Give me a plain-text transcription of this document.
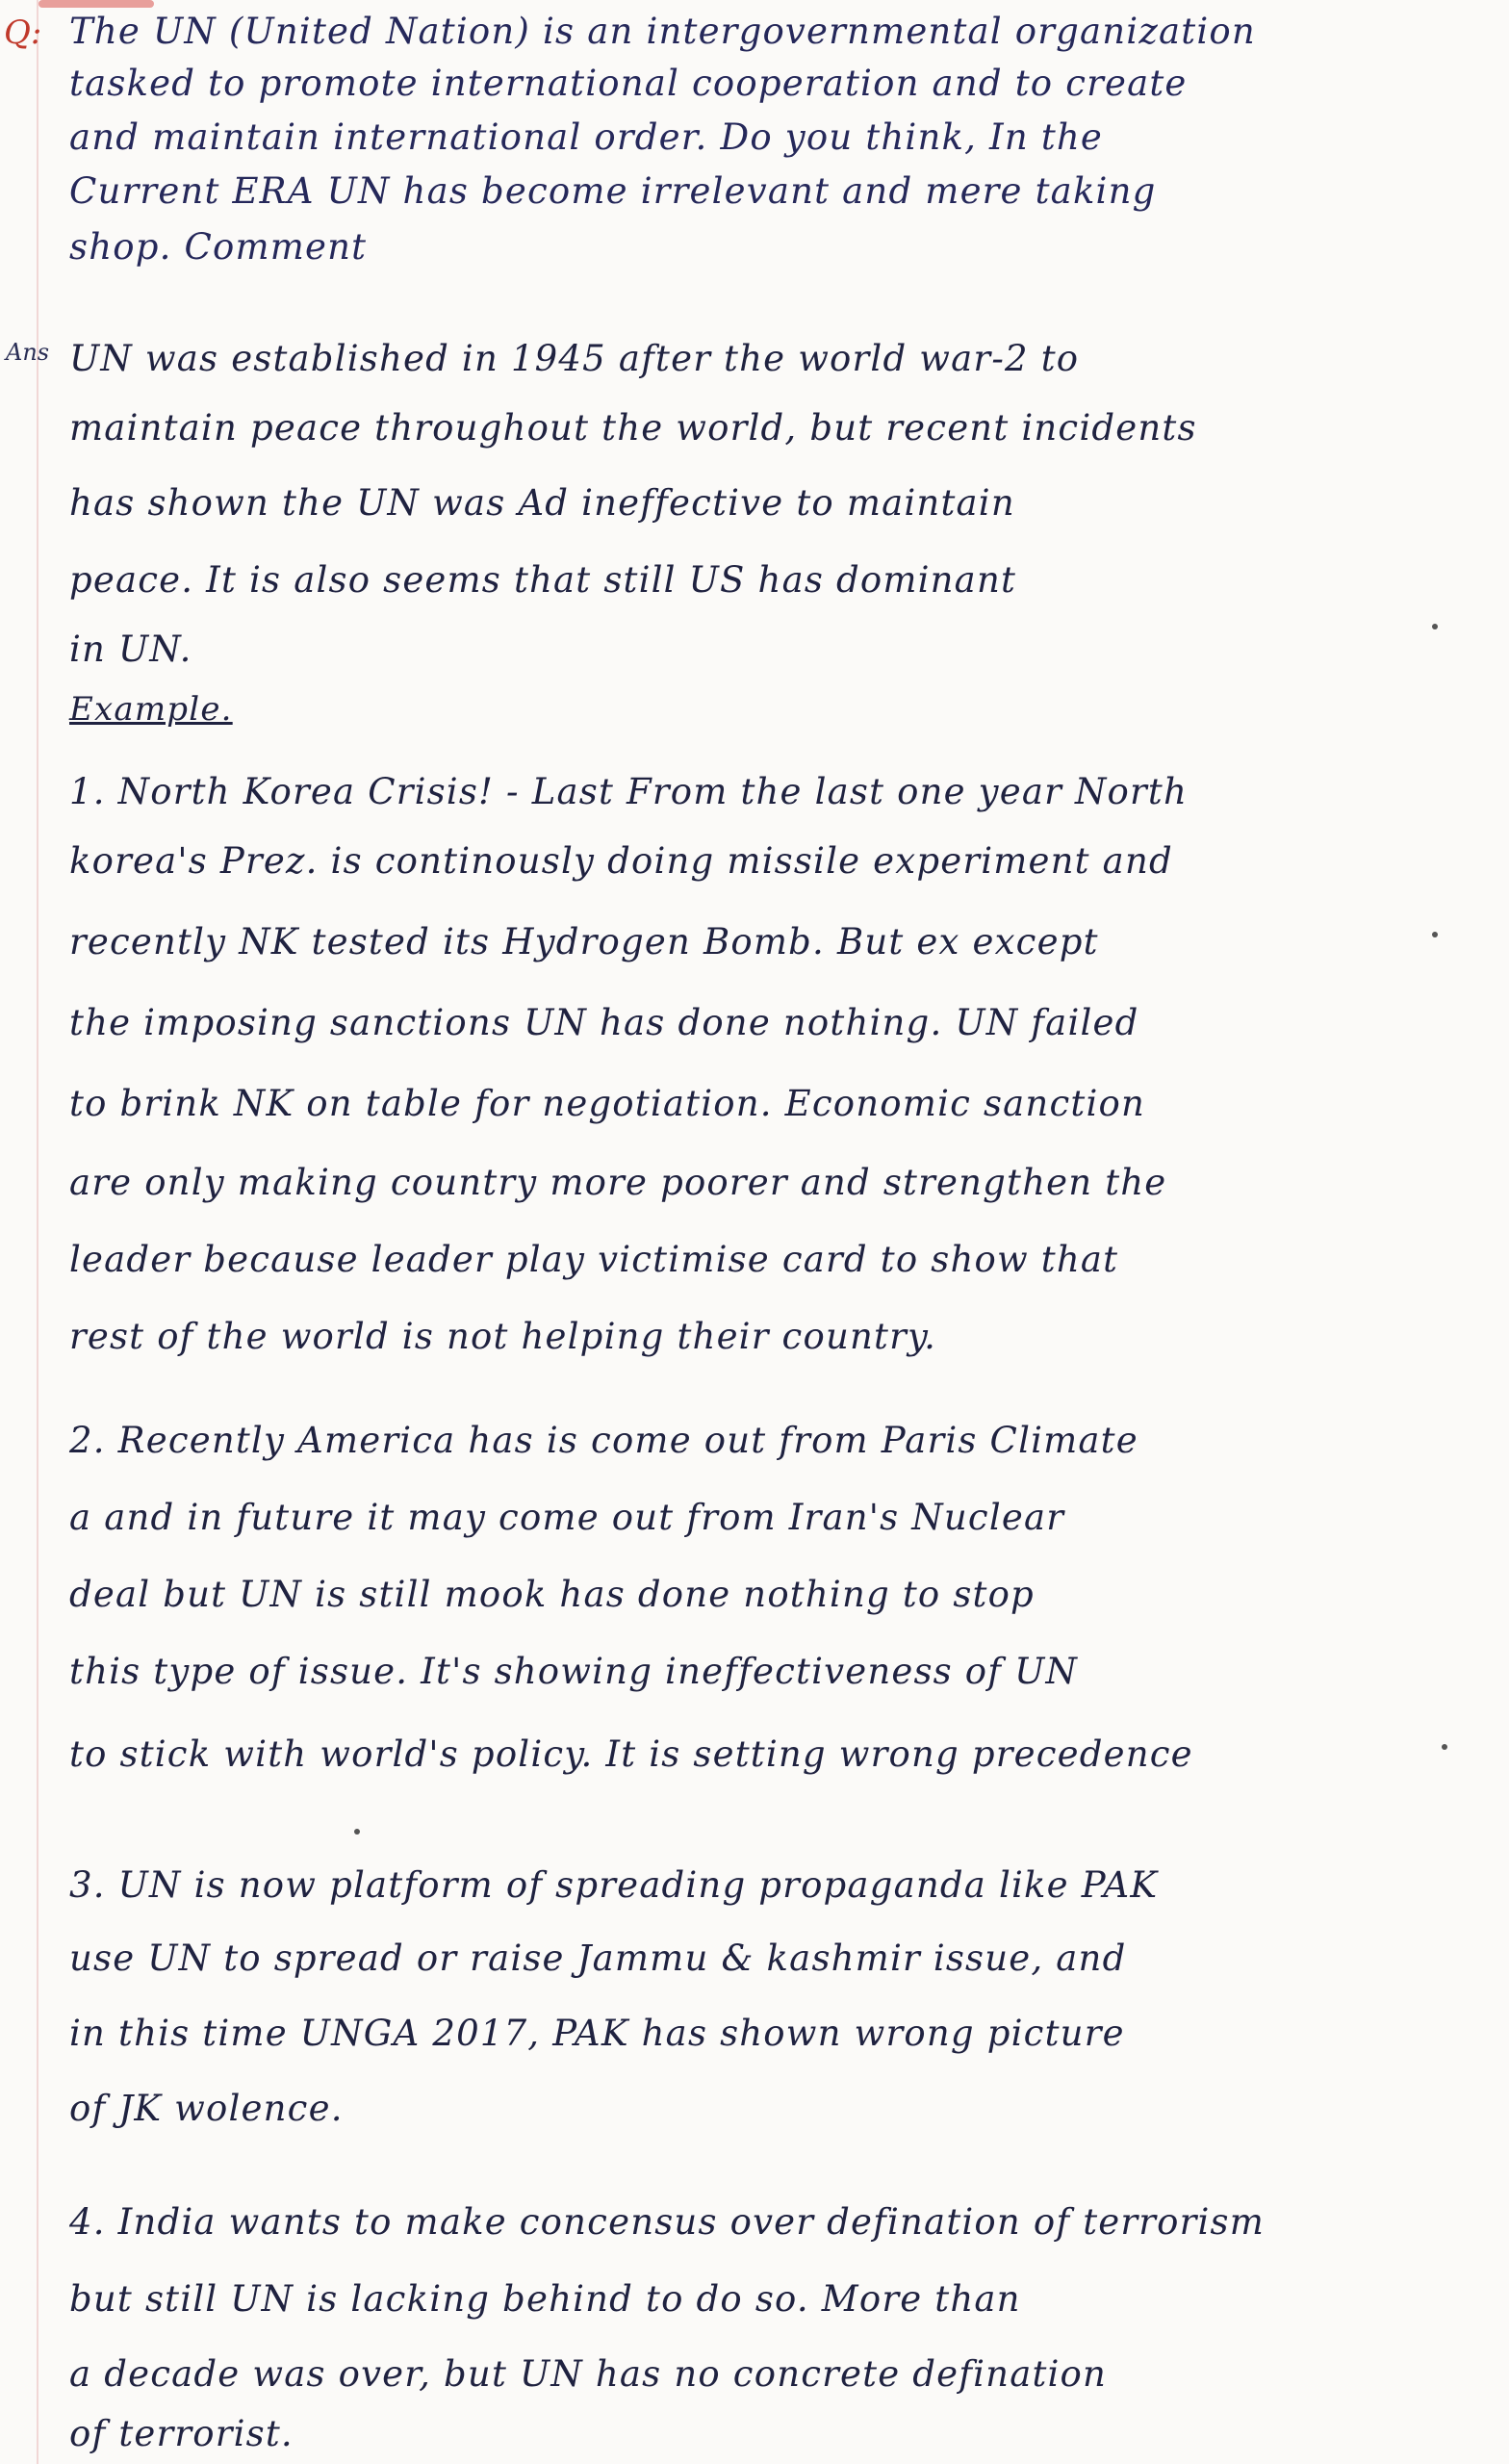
Q:
Ans
The UN (United Nation) is an intergovernmental organization
tasked to promote international cooperation and to create
and maintain international order. Do you think, In the
Current ERA UN has become irrelevant and mere taking
shop. Comment
UN was established in 1945 after the world war-2 to
maintain peace throughout the world, but recent incidents
has shown the UN was Ad ineffective to maintain
peace. It is also seems that still US has dominant
in UN.
Example.
1. North Korea Crisis! - Last From the last one year North
korea's Prez. is continously doing missile experiment and
recently NK tested its Hydrogen Bomb. But ex except
the imposing sanctions UN has done nothing. UN failed
to brink NK on table for negotiation. Economic sanction
are only making country more poorer and strengthen the
leader because leader play victimise card to show that
rest of the world is not helping their country.
2. Recently America has is come out from Paris Climate
a and in future it may come out from Iran's Nuclear
deal but UN is still mook has done nothing to stop
this type of issue. It's showing ineffectiveness of UN
to stick with world's policy. It is setting wrong precedence
3. UN is now platform of spreading propaganda like PAK
use UN to spread or raise Jammu & kashmir issue, and
in this time UNGA 2017, PAK has shown wrong picture
of JK wolence.
4. India wants to make concensus over defination of terrorism
but still UN is lacking behind to do so. More than
a decade was over, but UN has no concrete defination
of terrorist.
